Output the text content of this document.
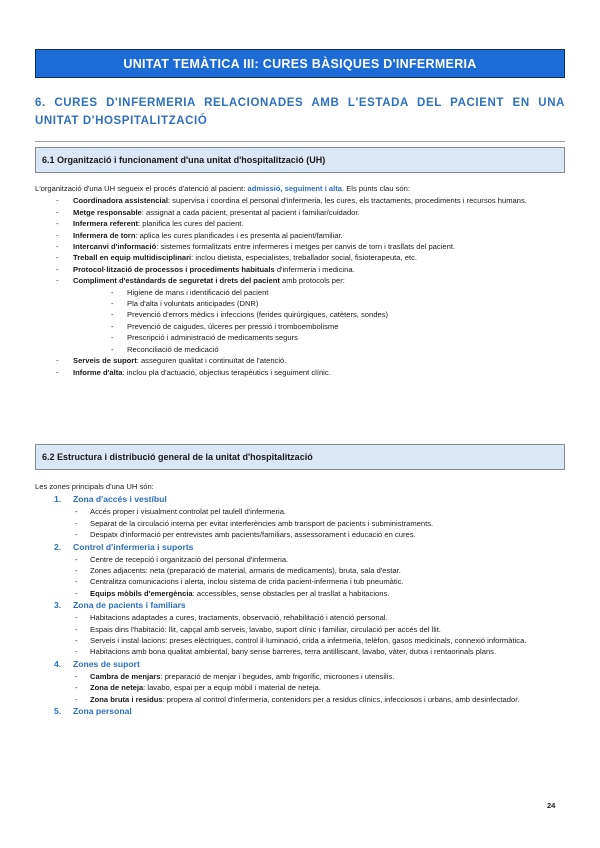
UNITAT TEMÀTICA III: CURES BÀSIQUES D'INFERMERIA
6. CURES D'INFERMERIA RELACIONADES AMB L'ESTADA DEL PACIENT EN UNA UNITAT D'HOSPITALITZACIÓ
6.1 Organització i funcionament d'una unitat d'hospitalització (UH)
L'organització d'una UH segueix el procés d'atenció al pacient: admissió, seguiment i alta. Els punts clau són:
- Coordinadora assistencial: supervisa i coordina el personal d'infermeria, les cures, els tractaments, procediments i recursos humans.
- Metge responsable: assignat a cada pacient, presentat al pacient i familiar/cuidador.
- Infermera referent: planifica les cures del pacient.
- Infermera de torn: aplica les cures planificades i es presenta al pacient/familiar.
- Intercanvi d'informació: sistemes formalitzats entre infermeres i metges per canvis de torn i trasllats del pacient.
- Treball en equip multidisciplinari: inclou dietista, especialistes, treballador social, fisioterapeuta, etc.
- Protocol·lització de processos i procediments habituals d'infermeria i medicina.
- Compliment d'estàndards de seguretat i drets del pacient amb protocols per:
- Higiene de mans i identificació del pacient
- Pla d'alta i voluntats anticipades (DNR)
- Prevenció d'errors mèdics i infeccions (ferides quirúrgiques, catèters, sondes)
- Prevenció de caigudes, úlceres per pressió i tromboembolisme
- Prescripció i administració de medicaments segurs
- Reconciliació de medicació
- Serveis de suport: asseguren qualitat i continuïtat de l'atenció.
- Informe d'alta: inclou pla d'actuació, objectius terapèutics i seguiment clínic.
6.2 Estructura i distribució general de la unitat d'hospitalització
Les zones principals d'una UH són:
1. Zona d'accés i vestíbul
- Accés proper i visualment controlat pel taulell d'infermeria.
- Separat de la circulació interna per evitar interferències amb transport de pacients i subministraments.
- Despatx d'informació per entrevistes amb pacients/familiars, assessorament i educació en cures.
2. Control d'infermeria i suports
- Centre de recepció i organització del personal d'infermeria.
- Zones adjacents: neta (preparació de material, armaris de medicaments), bruta, sala d'estar.
- Centralitza comunicacions i alerta, inclou sistema de crida pacient-infermeria i tub pneumàtic.
- Equips mòbils d'emergència: accessibles, sense obstacles per al trasllat a habitacions.
3. Zona de pacients i familiars
- Habitacions adaptades a cures, tractaments, observació, rehabilitació i atenció personal.
- Espais dins l'habitació: llit, capçal amb serveis, lavabo, suport clínic i familiar, circulació per accés del llit.
- Serveis i instal·lacions: preses elèctriques, control il·luminació, crida a infermeria, telèfon, gasos medicinals, connexió informàtica.
- Habitacions amb bona qualitat ambiental, bany sense barreres, terra antilliscant, lavabo, vàter, dutxa i rentaorinals plans.
4. Zones de suport
- Cambra de menjars: preparació de menjar i begudes, amb frigorífic, microones i utensilis.
- Zona de neteja: lavabo, espai per a equip mòbil i material de neteja.
- Zona bruta i residus: propera al control d'infermeria, contenidors per a residus clínics, infecciosos i urbans, amb desinfectador.
5. Zona personal
24
